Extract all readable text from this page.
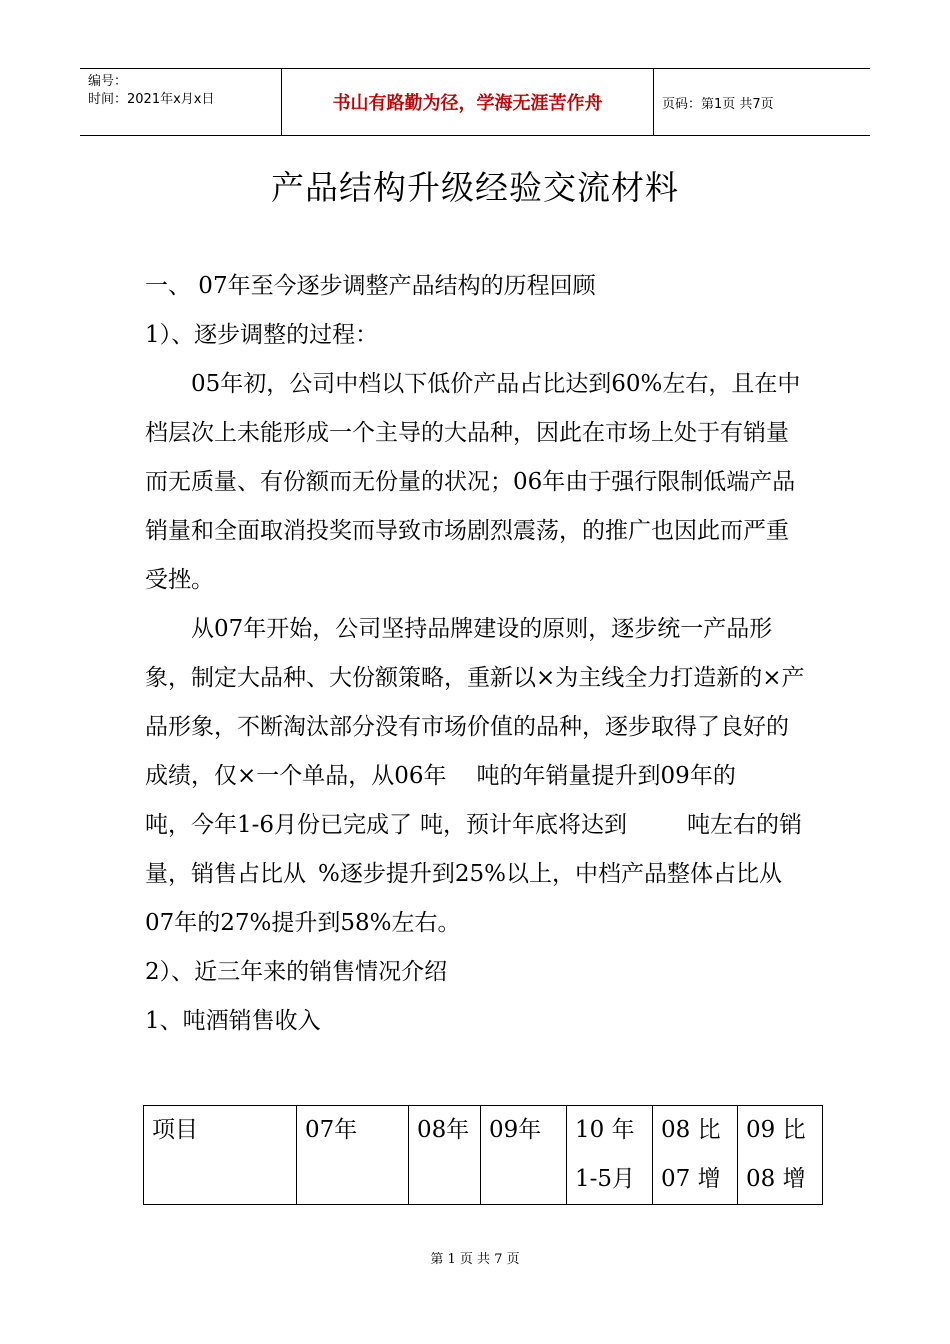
编号：
时间：2021年x月x日	书山有路勤为径，学海无涯苦作舟	页码：第1页 共7页
产品结构升级经验交流材料

一、 07年至今逐步调整产品结构的历程回顾

1）、逐步调整的过程：

05年初，公司中档以下低价产品占比达到60%左右，且在中档层次上未能形成一个主导的大品种，因此在市场上处于有销量而无质量、有份额而无份量的状况；06年由于强行限制低端产品销量和全面取消投奖而导致市场剧烈震荡，的推广也因此而严重受挫。

从07年开始，公司坚持品牌建设的原则，逐步统一产品形象，制定大品种、大份额策略，重新以×为主线全力打造新的×产品形象，不断淘汰部分没有市场价值的品种，逐步取得了良好的成绩，仅×一个单品，从06年 吨的年销量提升到09年的吨，今年1-6月份已完成了 吨，预计年底将达到	吨左右的销量，销售占比从 %逐步提升到25%以上，中档产品整体占比从07年的27%提升到58%左右。

2）、近三年来的销售情况介绍

1、吨酒销售收入

项目	07年	08年	09年	10 年 1-5月	08 比 07 增	09 比 08 增
第 1 页 共 7 页
